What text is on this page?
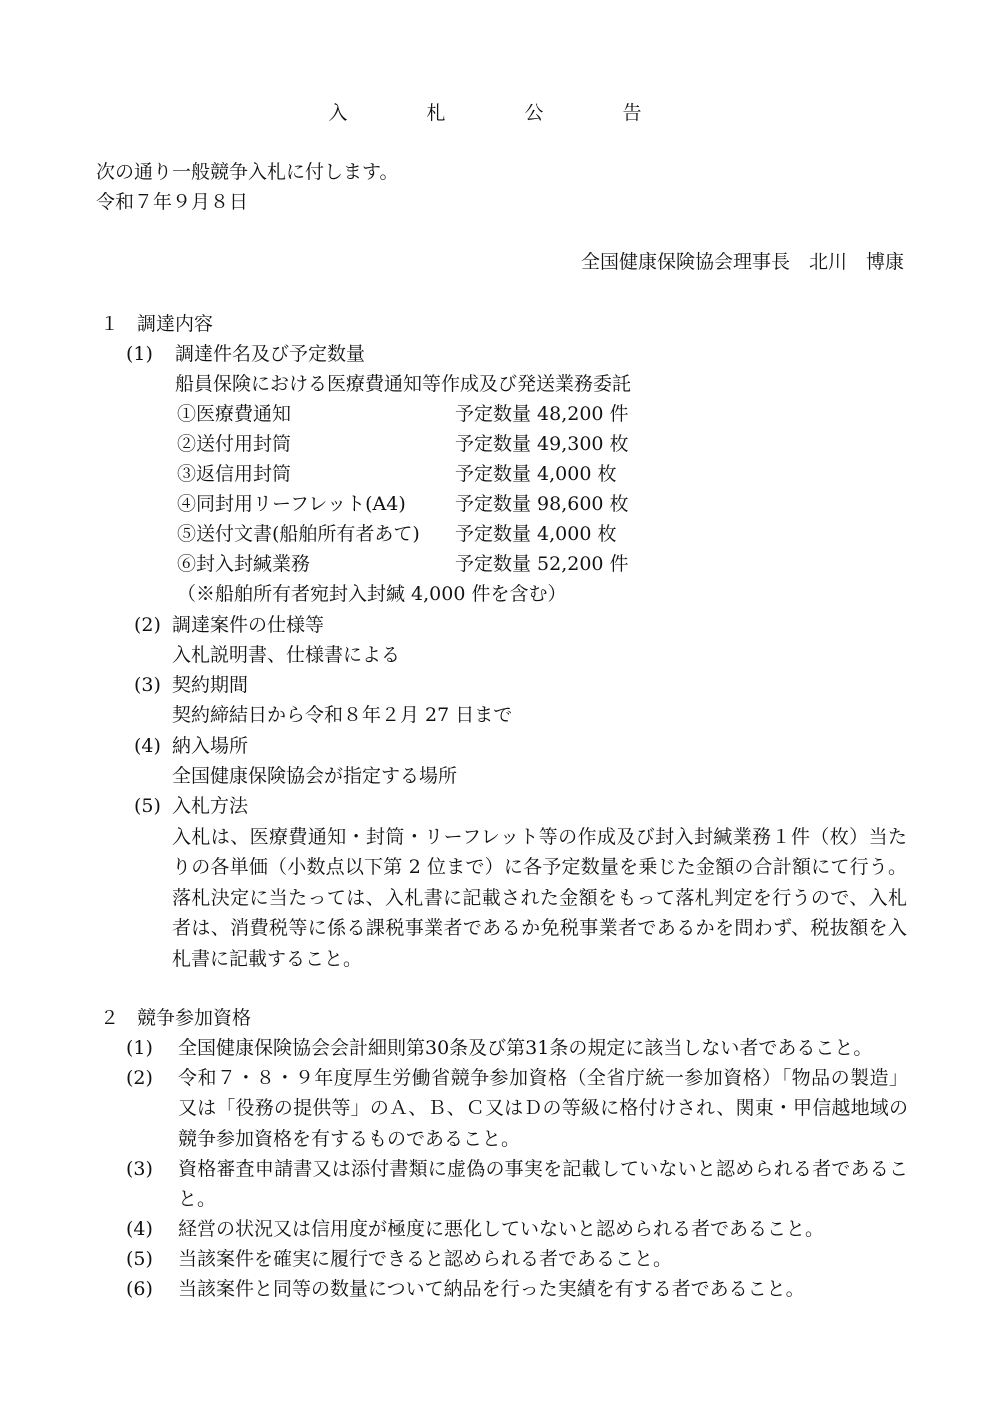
入　札　公　告
次の通り一般競争入札に付します。
令和７年９月８日
全国健康保険協会理事長　北川　博康
１ 調達内容
(1) 調達件名及び予定数量
船員保険における医療費通知等作成及び発送業務委託
①医療費通知	予定数量 48,200 件
②送付用封筒	予定数量 49,300 枚
③返信用封筒	予定数量 4,000 枚
④同封用リーフレット(A4)	予定数量 98,600 枚
⑤送付文書(船舶所有者あて) 予定数量 4,000 枚
⑥封入封緘業務	予定数量 52,200 件
（※船舶所有者宛封入封緘 4,000 件を含む）
(2) 調達案件の仕様等
入札説明書、仕様書による
(3) 契約期間
契約締結日から令和８年２月 27 日まで
(4) 納入場所
全国健康保険協会が指定する場所
(5) 入札方法
入札は、医療費通知・封筒・リーフレット等の作成及び封入封緘業務１件（枚）当たりの各単価（小数点以下第 2 位まで）に各予定数量を乗じた金額の合計額にて行う。落札決定に当たっては、入札書に記載された金額をもって落札判定を行うので、入札者は、消費税等に係る課税事業者であるか免税事業者であるかを問わず、税抜額を入札書に記載すること。
２ 競争参加資格
(1) 全国健康保険協会会計細則第30条及び第31条の規定に該当しない者であること。
(2) 令和７・８・９年度厚生労働省競争参加資格（全省庁統一参加資格）「物品の製造」又は「役務の提供等」のＡ、Ｂ、Ｃ又はＤの等級に格付けされ、関東・甲信越地域の競争参加資格を有するものであること。
(3) 資格審査申請書又は添付書類に虚偽の事実を記載していないと認められる者であること。
(4) 経営の状況又は信用度が極度に悪化していないと認められる者であること。
(5) 当該案件を確実に履行できると認められる者であること。
(6) 当該案件と同等の数量について納品を行った実績を有する者であること。
